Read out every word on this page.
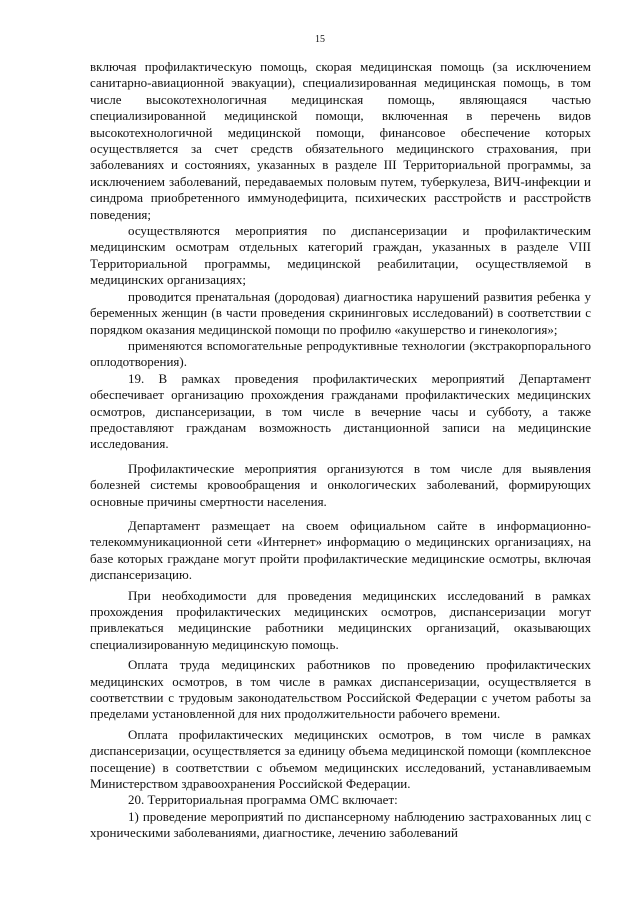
15

включая профилактическую помощь, скорая медицинская помощь (за исключением санитарно-авиационной эвакуации), специализированная медицинская помощь, в том числе высокотехнологичная медицинская помощь, являющаяся частью специализированной медицинской помощи, включенная в перечень видов высокотехнологичной медицинской помощи, финансовое обеспечение которых осуществляется за счет средств обязательного медицинского страхования, при заболеваниях и состояниях, указанных в разделе III Территориальной программы, за исключением заболеваний, передаваемых половым путем, туберкулеза, ВИЧ-инфекции и синдрома приобретенного иммунодефицита, психических расстройств и расстройств поведения;

осуществляются мероприятия по диспансеризации и профилактическим медицинским осмотрам отдельных категорий граждан, указанных в разделе VIII Территориальной программы, медицинской реабилитации, осуществляемой в медицинских организациях;

проводится пренатальная (дородовая) диагностика нарушений развития ребенка у беременных женщин (в части проведения скрининговых исследований) в соответствии с порядком оказания медицинской помощи по профилю «акушерство и гинекология»;

применяются вспомогательные репродуктивные технологии (экстракорпорального оплодотворения).

19. В рамках проведения профилактических мероприятий Департамент обеспечивает организацию прохождения гражданами профилактических медицинских осмотров, диспансеризации, в том числе в вечерние часы и субботу, а также предоставляют гражданам возможность дистанционной записи на медицинские исследования.

Профилактические мероприятия организуются в том числе для выявления болезней системы кровообращения и онкологических заболеваний, формирующих основные причины смертности населения.

Департамент размещает на своем официальном сайте в информационно-телекоммуникационной сети «Интернет» информацию о медицинских организациях, на базе которых граждане могут пройти профилактические медицинские осмотры, включая диспансеризацию.

При необходимости для проведения медицинских исследований в рамках прохождения профилактических медицинских осмотров, диспансеризации могут привлекаться медицинские работники медицинских организаций, оказывающих специализированную медицинскую помощь.

Оплата труда медицинских работников по проведению профилактических медицинских осмотров, в том числе в рамках диспансеризации, осуществляется в соответствии с трудовым законодательством Российской Федерации с учетом работы за пределами установленной для них продолжительности рабочего времени.

Оплата профилактических медицинских осмотров, в том числе в рамках диспансеризации, осуществляется за единицу объема медицинской помощи (комплексное посещение) в соответствии с объемом медицинских исследований, устанавливаемым Министерством здравоохранения Российской Федерации.

20. Территориальная программа ОМС включает:

1) проведение мероприятий по диспансерному наблюдению застрахованных лиц с хроническими заболеваниями, диагностике, лечению заболеваний
